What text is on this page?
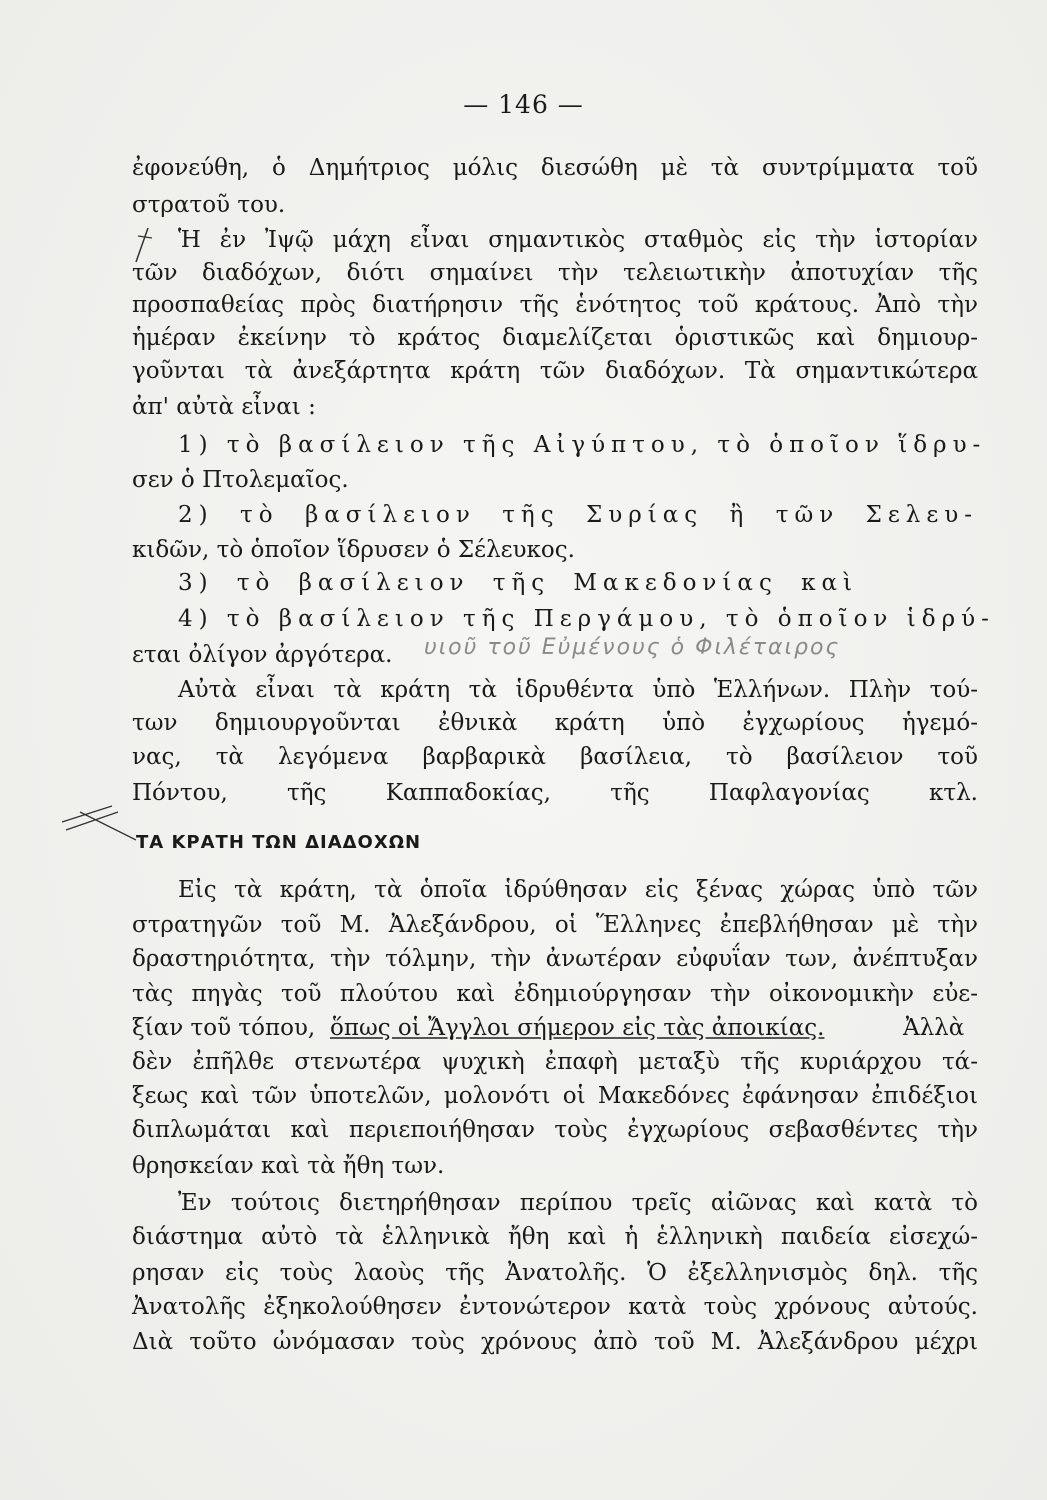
— 146 —
ἐφονεύθη, ὁ Δημήτριος μόλις διεσώθη μὲ τὰ συντρίμματα τοῦ
στρατοῦ του.
Ἡ ἐν Ἰψῷ μάχη εἶναι σημαντικὸς σταθμὸς εἰς τὴν ἱστορίαν
τῶν διαδόχων, διότι σημαίνει τὴν τελειωτικὴν ἀποτυχίαν τῆς
προσπαθείας πρὸς διατήρησιν τῆς ἑνότητος τοῦ κράτους. Ἀπὸ τὴν
ἡμέραν ἐκείνην τὸ κράτος διαμελίζεται ὁριστικῶς καὶ δημιουρ-
γοῦνται τὰ ἀνεξάρτητα κράτη τῶν διαδόχων. Τὰ σημαντικώτερα
ἀπ' αὐτὰ εἶναι :
1) τὸ βασίλειον τῆς Αἰγύπτου, τὸ ὁποῖον ἵδρυ-
σεν ὁ Πτολεμαῖος.
2) τὸ βασίλειον τῆς Συρίας ἢ τῶν Σελευ-
κιδῶν, τὸ ὁποῖον ἵδρυσεν ὁ Σέλευκος.
3) τὸ βασίλειον τῆς Μακεδονίας καὶ
4) τὸ βασίλειον τῆς Περγάμου, τὸ ὁποῖον ἱδρύ-
εται ὀλίγον ἀργότερα. υιοῦ τοῦ Εὐμένους ὁ Φιλέταιρος
Αὐτὰ εἶναι τὰ κράτη τὰ ἱδρυθέντα ὑπὸ Ἑλλήνων. Πλὴν τού-
των δημιουργοῦνται ἐθνικὰ κράτη ὑπὸ ἐγχωρίους ἡγεμό-
νας, τὰ λεγόμενα βαρβαρικὰ βασίλεια, τὸ βασίλειον τοῦ
Πόντου, τῆς Καππαδοκίας, τῆς Παφλαγονίας κτλ.
ΤΑ ΚΡΑΤΗ ΤΩΝ ΔΙΑΔΟΧΩΝ
Εἰς τὰ κράτη, τὰ ὁποῖα ἱδρύθησαν εἰς ξένας χώρας ὑπὸ τῶν
στρατηγῶν τοῦ Μ. Ἀλεξάνδρου, οἱ Ἕλληνες ἐπεβλήθησαν μὲ τὴν
δραστηριότητα, τὴν τόλμην, τὴν ἀνωτέραν εὐφυΐαν των, ἀνέπτυξαν
τὰς πηγὰς τοῦ πλούτου καὶ ἐδημιούργησαν τὴν οἰκονομικὴν εὐε-
ξίαν τοῦ τόπου, ὅπως οἱ Ἄγγλοι σήμερον εἰς τὰς ἀποικίας.	Ἀλλὰ
δὲν ἐπῆλθε στενωτέρα ψυχικὴ ἐπαφὴ μεταξὺ τῆς κυριάρχου τά-
ξεως καὶ τῶν ὑποτελῶν, μολονότι οἱ Μακεδόνες ἐφάνησαν ἐπιδέξιοι
διπλωμάται καὶ περιεποιήθησαν τοὺς ἐγχωρίους σεβασθέντες τὴν
θρησκείαν καὶ τὰ ἤθη των.
Ἐν τούτοις διετηρήθησαν περίπου τρεῖς αἰῶνας καὶ κατὰ τὸ
διάστημα αὐτὸ τὰ ἑλληνικὰ ἤθη καὶ ἡ ἑλληνικὴ παιδεία εἰσεχώ-
ρησαν εἰς τοὺς λαοὺς τῆς Ἀνατολῆς. Ὁ ἐξελληνισμὸς δηλ. τῆς
Ἀνατολῆς ἐξηκολούθησεν ἐντονώτερον κατὰ τοὺς χρόνους αὐτούς.
Διὰ τοῦτο ὠνόμασαν τοὺς χρόνους ἀπὸ τοῦ Μ. Ἀλεξάνδρου μέχρι
